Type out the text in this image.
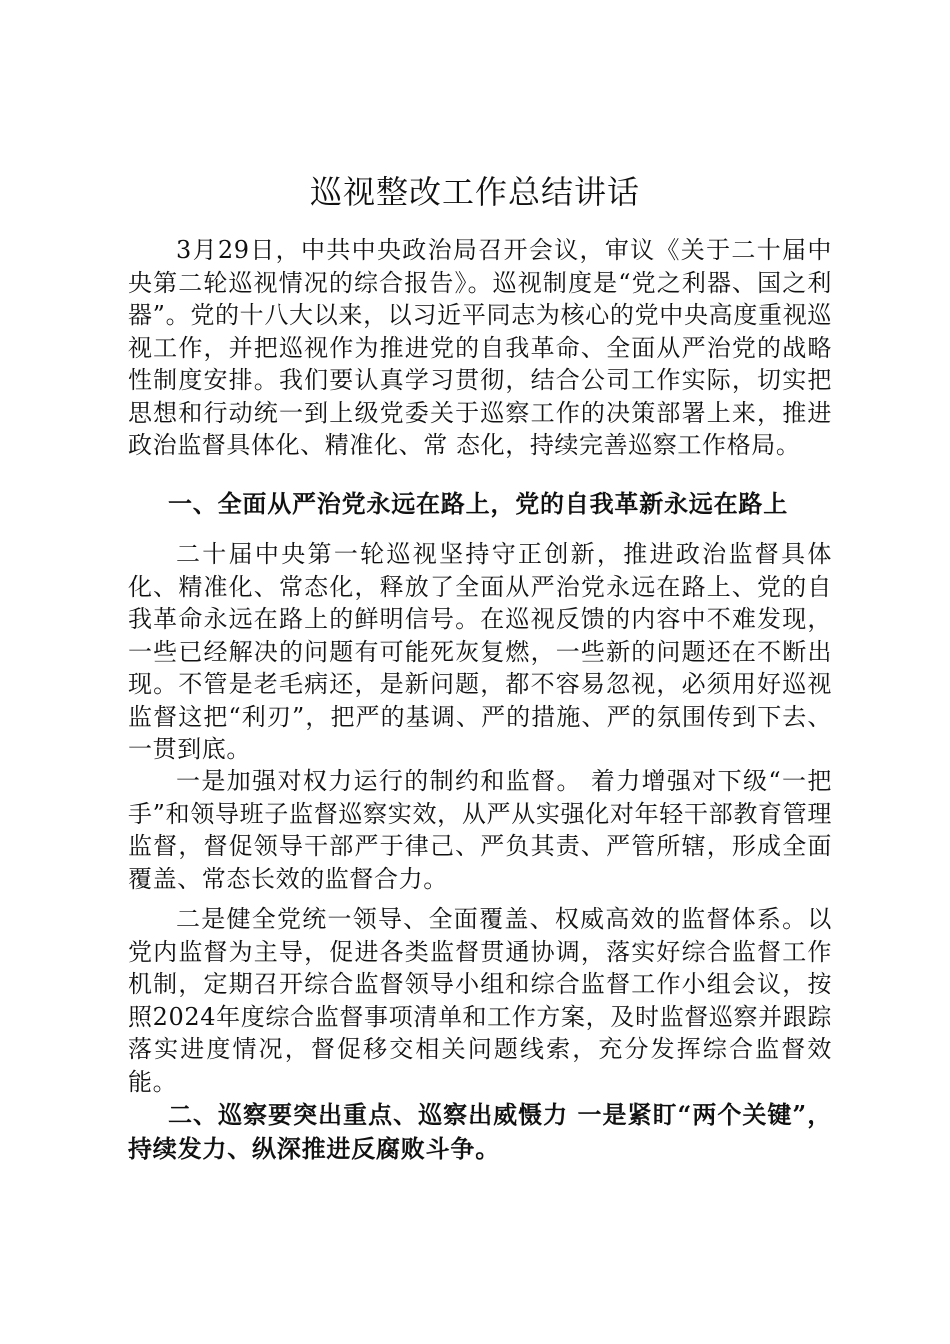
巡视整改工作总结讲话

3月29日，中共中央政治局召开会议，审议《关于二十届中央第二轮巡视情况的综合报告》。巡视制度是“党之利器、国之利器”。党的十八大以来，以习近平同志为核心的党中央高度重视巡视工作，并把巡视作为推进党的自我革命、全面从严治党的战略性制度安排。我们要认真学习贯彻，结合公司工作实际，切实把思想和行动统一到上级党委关于巡察工作的决策部署上来，推进政治监督具体化、精准化、常 态化，持续完善巡察工作格局。

一、全面从严治党永远在路上，党的自我革新永远在路上

二十届中央第一轮巡视坚持守正创新，推进政治监督具体化、精准化、常态化，释放了全面从严治党永远在路上、党的自我革命永远在路上的鲜明信号。在巡视反馈的内容中不难发现，一些已经解决的问题有可能死灰复燃，一些新的问题还在不断出现。不管是老毛病还，是新问题，都不容易忽视，必须用好巡视监督这把“利刃”，把严的基调、严的措施、严的氛围传到下去、一贯到底。

一是加强对权力运行的制约和监督。 着力增强对下级“一把手”和领导班子监督巡察实效，从严从实强化对年轻干部教育管理监督，督促领导干部严于律己、严负其责、严管所辖，形成全面覆盖、常态长效的监督合力。

二是健全党统一领导、全面覆盖、权威高效的监督体系。以党内监督为主导，促进各类监督贯通协调，落实好综合监督工作机制，定期召开综合监督领导小组和综合监督工作小组会议，按照2024年度综合监督事项清单和工作方案，及时监督巡察并跟踪落实进度情况，督促移交相关问题线索，充分发挥综合监督效能。

二、巡察要突出重点、巡察出威慑力 一是紧盯“两个关键”，持续发力、纵深推进反腐败斗争。
